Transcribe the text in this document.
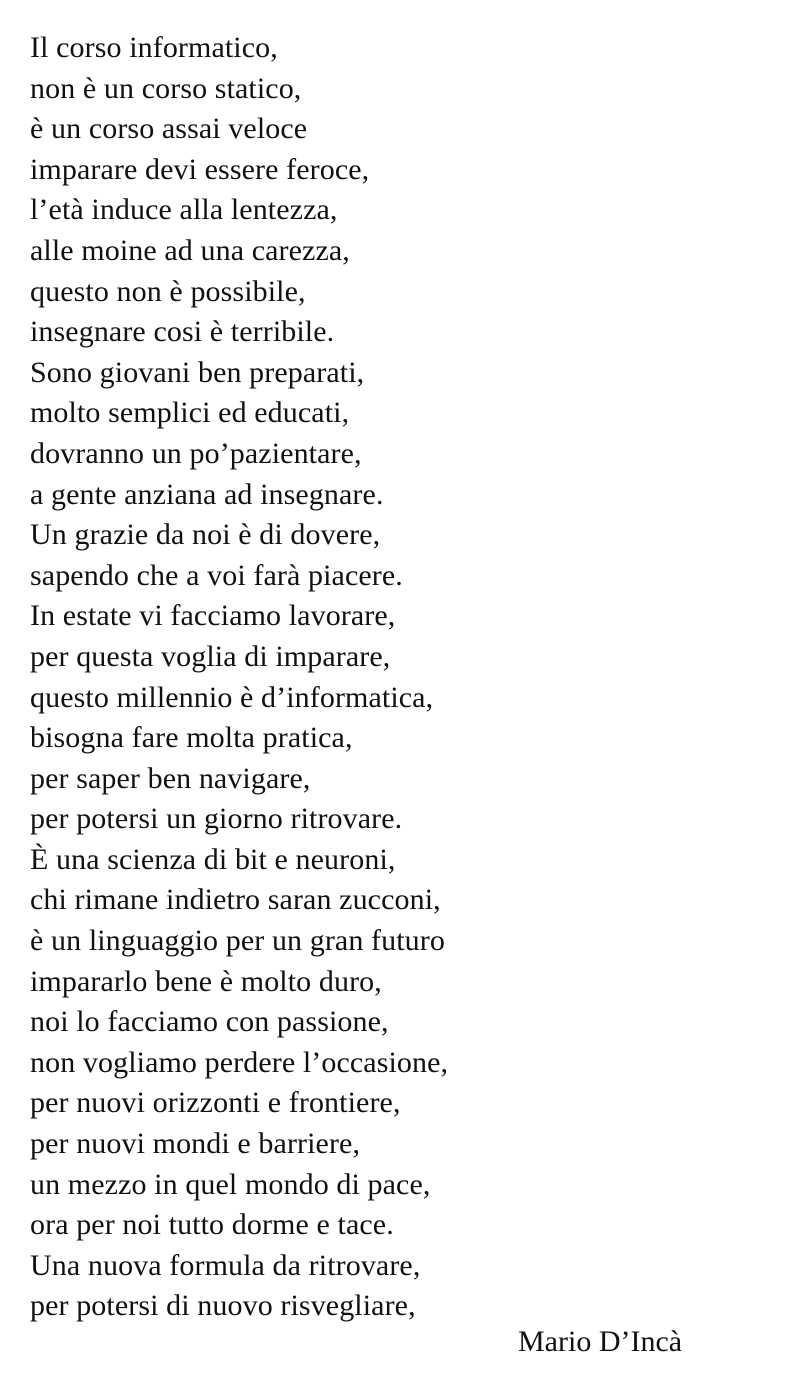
Il corso informatico,
non è un corso statico,
è un corso assai veloce
imparare devi essere feroce,
l’età induce alla lentezza,
alle moine ad una carezza,
questo non è possibile,
insegnare cosi è terribile.
Sono giovani ben preparati,
molto semplici ed educati,
dovranno un po’pazientare,
a gente anziana ad insegnare.
Un grazie da noi è di dovere,
sapendo che a voi farà piacere.
In estate vi facciamo lavorare,
per questa voglia di imparare,
questo millennio è d’informatica,
bisogna fare molta pratica,
per saper ben navigare,
per potersi un giorno ritrovare.
È una scienza di bit e neuroni,
chi rimane indietro saran zucconi,
è un linguaggio per un gran futuro
impararlo bene è molto duro,
noi lo facciamo con passione,
non vogliamo perdere l’occasione,
per nuovi orizzonti e frontiere,
per nuovi mondi e barriere,
un mezzo in quel mondo di pace,
ora per noi tutto dorme e tace.
Una nuova formula da ritrovare,
per potersi di nuovo risvegliare,
Mario D’Incà
